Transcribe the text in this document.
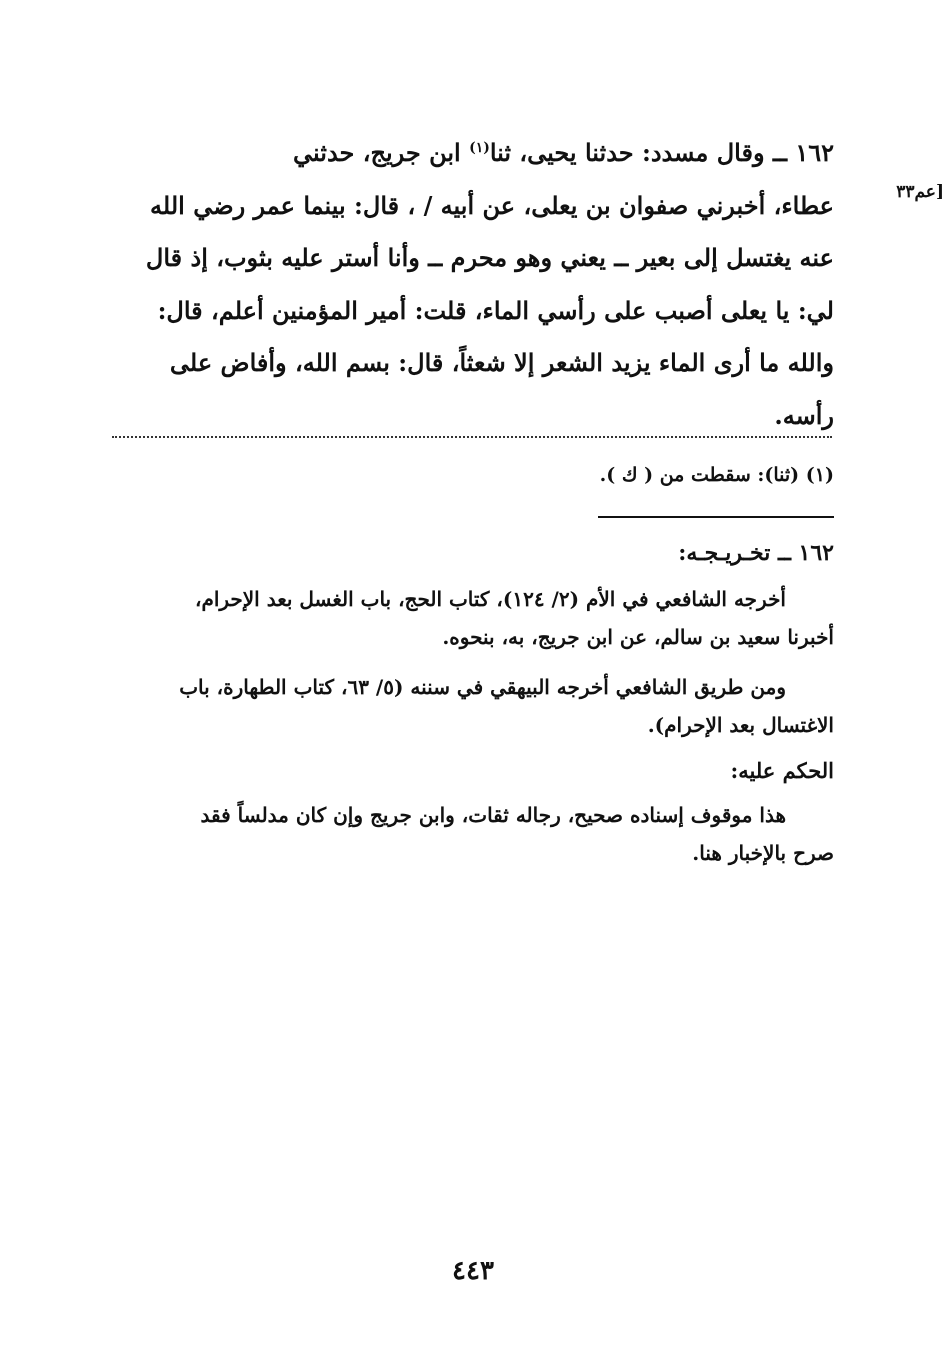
١٦٢ ــ وقال مسدد: حدثنا يحيى، ثنا$^{(١)}$ ابن جريج، حدثني
عطاء، أخبرني صفوان بن يعلى، عن أبيه / ، قال: بينما عمر رضي الله
عنه يغتسل إلى بعير ــ يعني وهو محرم ــ وأنا أستر عليه بثوب، إذ قال
لي: يا يعلى أصبب على رأسي الماء، قلت: أمير المؤمنين أعلم، قال:
والله ما أرى الماء يزيد الشعر إلا شعثاً، قال: بسم الله، وأفاض على
رأسه.
[عم٣٣
(١) (ثنا): سقطت من ( ك ).
١٦٢ ــ تخـريـجـه:
أخرجه الشافعي في الأم (٢/ ١٢٤)، كتاب الحج، باب الغسل بعد الإحرام،
أخبرنا سعيد بن سالم، عن ابن جريج، به، بنحوه.
ومن طريق الشافعي أخرجه البيهقي في سننه (٥/ ٦٣، كتاب الطهارة، باب
الاغتسال بعد الإحرام).
الحكم عليه:
هذا موقوف إسناده صحيح، رجاله ثقات، وابن جريج وإن كان مدلساً فقد
صرح بالإخبار هنا.
٤٤٣
